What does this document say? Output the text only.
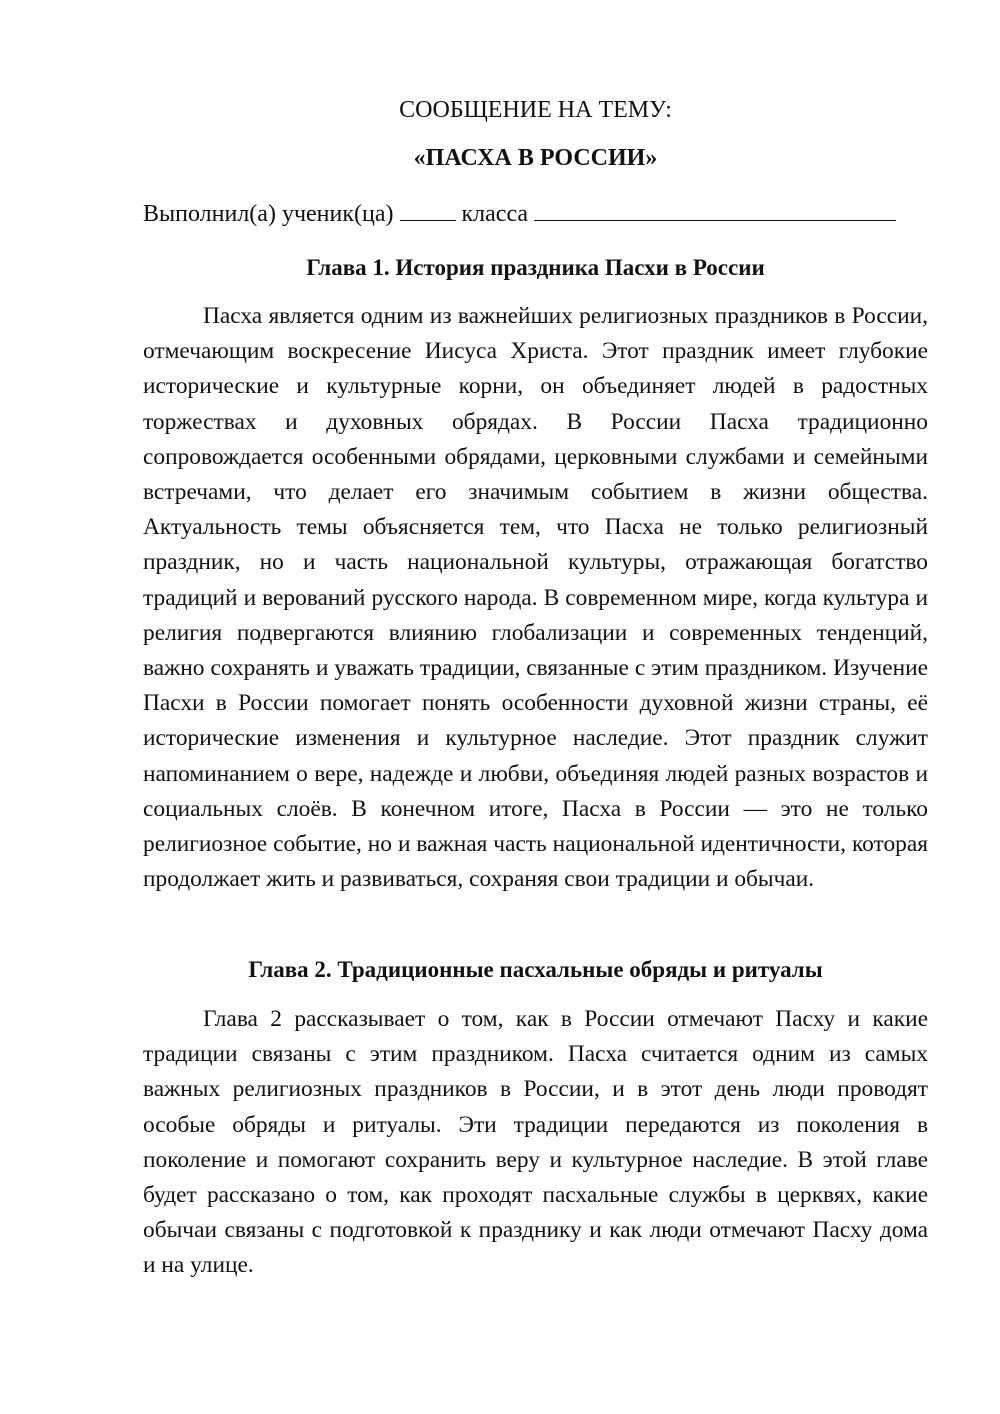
СООБЩЕНИЕ НА ТЕМУ:
«ПАСХА В РОССИИ»
Выполнил(а) ученик(ца)	класса
Глава 1. История праздника Пасхи в России

Пасха является одним из важнейших религиозных праздников в России, отмечающим воскресение Иисуса Христа. Этот праздник имеет глубокие исторические и культурные корни, он объединяет людей в радостных торжествах и духовных обрядах. В России Пасха традиционно сопровождается особенными обрядами, церковными службами и семейными встречами, что делает его значимым событием в жизни общества. Актуальность темы объясняется тем, что Пасха не только религиозный праздник, но и часть национальной культуры, отражающая богатство традиций и верований русского народа. В современном мире, когда культура и религия подвергаются влиянию глобализации и современных тенденций, важно сохранять и уважать традиции, связанные с этим праздником. Изучение Пасхи в России помогает понять особенности духовной жизни страны, её исторические изменения и культурное наследие. Этот праздник служит напоминанием о вере, надежде и любви, объединяя людей разных возрастов и социальных слоёв. В конечном итоге, Пасха в России — это не только религиозное событие, но и важная часть национальной идентичности, которая продолжает жить и развиваться, сохраняя свои традиции и обычаи.

Глава 2. Традиционные пасхальные обряды и ритуалы

Глава 2 рассказывает о том, как в России отмечают Пасху и какие традиции связаны с этим праздником. Пасха считается одним из самых важных религиозных праздников в России, и в этот день люди проводят особые обряды и ритуалы. Эти традиции передаются из поколения в поколение и помогают сохранить веру и культурное наследие. В этой главе будет рассказано о том, как проходят пасхальные службы в церквях, какие обычаи связаны с подготовкой к празднику и как люди отмечают Пасху дома и на улице.
